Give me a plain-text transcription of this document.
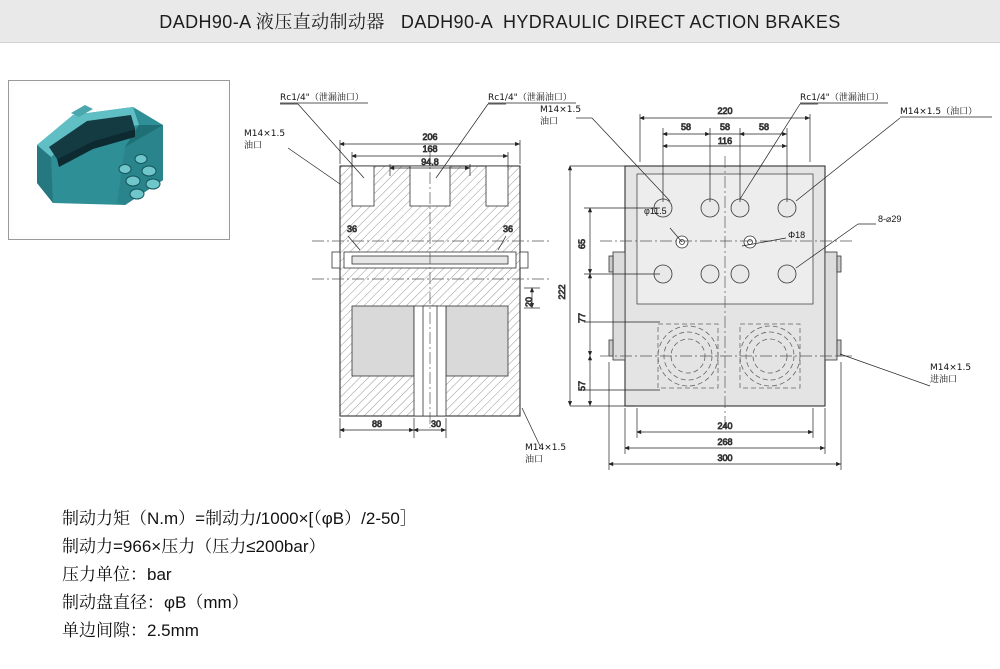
DADH90-A 液压直动制动器   DADH90-A  HYDRAULIC DIRECT ACTION BRAKES
206
168
94.8
36	36
20
88	30
Rc1/4"（泄漏油口）	Rc1/4"（泄漏油口）
M14×1.5
油口
M14×1.5
油口
220
58	58	58
116
65
222
77
57
240
268
300
Rc1/4"（泄漏油口）
M14×1.5（油口）
φ11.5
Φ18
8-⌀29
M14×1.5
进油口
M14×1.5
油口
制动力矩（N.m）=制动力/1000×[（φB）/2-50］
制动力=966×压力（压力≤200bar）
压力单位：bar
制动盘直径：φB（mm）
单边间隙：2.5mm
